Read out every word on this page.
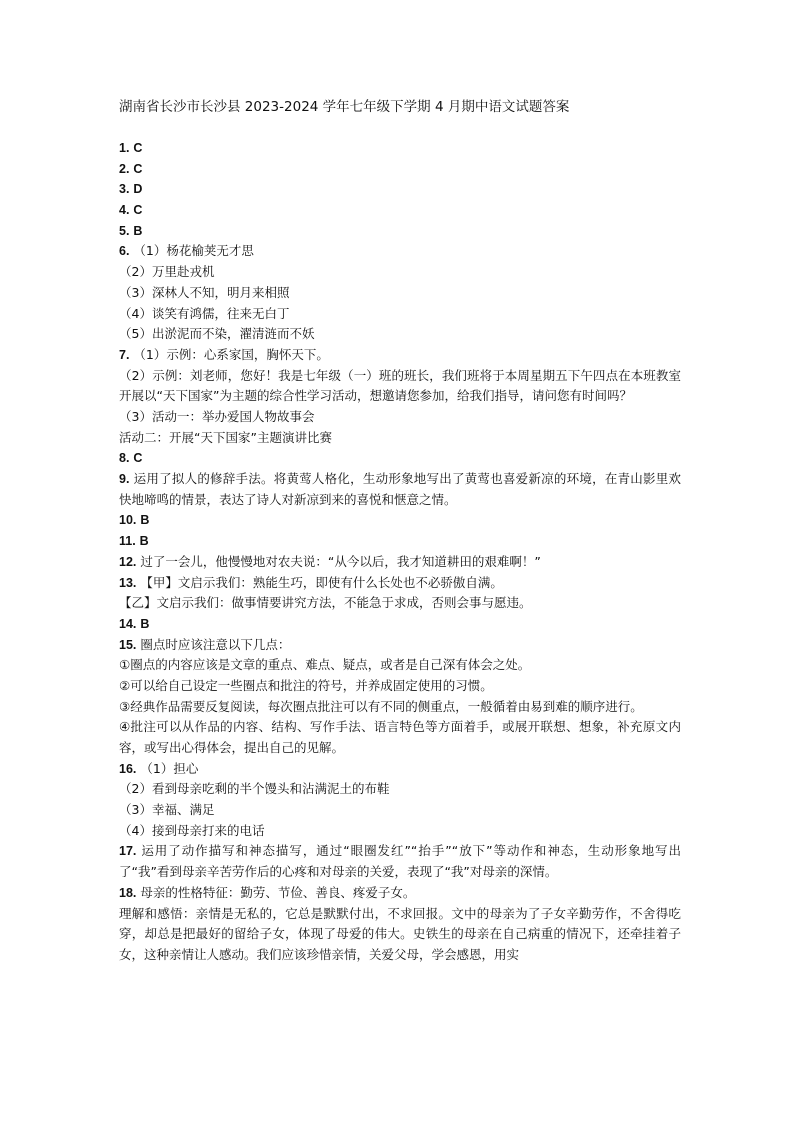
湖南省长沙市长沙县 2023-2024 学年七年级下学期 4 月期中语文试题答案
1. C
2. C
3. D
4. C
5. B
6. （1）杨花榆荚无才思
（2）万里赴戎机
（3）深林人不知，明月来相照
（4）谈笑有鸿儒，往来无白丁
（5）出淤泥而不染，濯清涟而不妖
7. （1）示例：心系家国，胸怀天下。
（2）示例：刘老师，您好！我是七年级（一）班的班长，我们班将于本周星期五下午四点在本班教室开展以“天下国家”为主题的综合性学习活动，想邀请您参加，给我们指导，请问您有时间吗？
（3）活动一：举办爱国人物故事会
活动二：开展“天下国家”主题演讲比赛
8. C
9. 运用了拟人的修辞手法。将黄莺人格化，生动形象地写出了黄莺也喜爱新凉的环境，在青山影里欢快地啼鸣的情景，表达了诗人对新凉到来的喜悦和惬意之情。
10. B
11. B
12. 过了一会儿，他慢慢地对农夫说：“从今以后，我才知道耕田的艰难啊！”
13. 【甲】文启示我们：熟能生巧，即使有什么长处也不必骄傲自满。
【乙】文启示我们：做事情要讲究方法，不能急于求成，否则会事与愿违。
14. B
15. 圈点时应该注意以下几点：
①圈点的内容应该是文章的重点、难点、疑点，或者是自己深有体会之处。
②可以给自己设定一些圈点和批注的符号，并养成固定使用的习惯。
③经典作品需要反复阅读，每次圈点批注可以有不同的侧重点，一般循着由易到难的顺序进行。
④批注可以从作品的内容、结构、写作手法、语言特色等方面着手，或展开联想、想象，补充原文内容，或写出心得体会，提出自己的见解。
16. （1）担心
（2）看到母亲吃剩的半个馒头和沾满泥土的布鞋
（3）幸福、满足
（4）接到母亲打来的电话
17. 运用了动作描写和神态描写，通过“眼圈发红”“抬手”“放下”等动作和神态，生动形象地写出了“我”看到母亲辛苦劳作后的心疼和对母亲的关爱，表现了“我”对母亲的深情。
18. 母亲的性格特征：勤劳、节俭、善良、疼爱子女。
理解和感悟：亲情是无私的，它总是默默付出，不求回报。文中的母亲为了子女辛勤劳作，不舍得吃穿，却总是把最好的留给子女，体现了母爱的伟大。史铁生的母亲在自己病重的情况下，还牵挂着子女，这种亲情让人感动。我们应该珍惜亲情，关爱父母，学会感恩，用实
